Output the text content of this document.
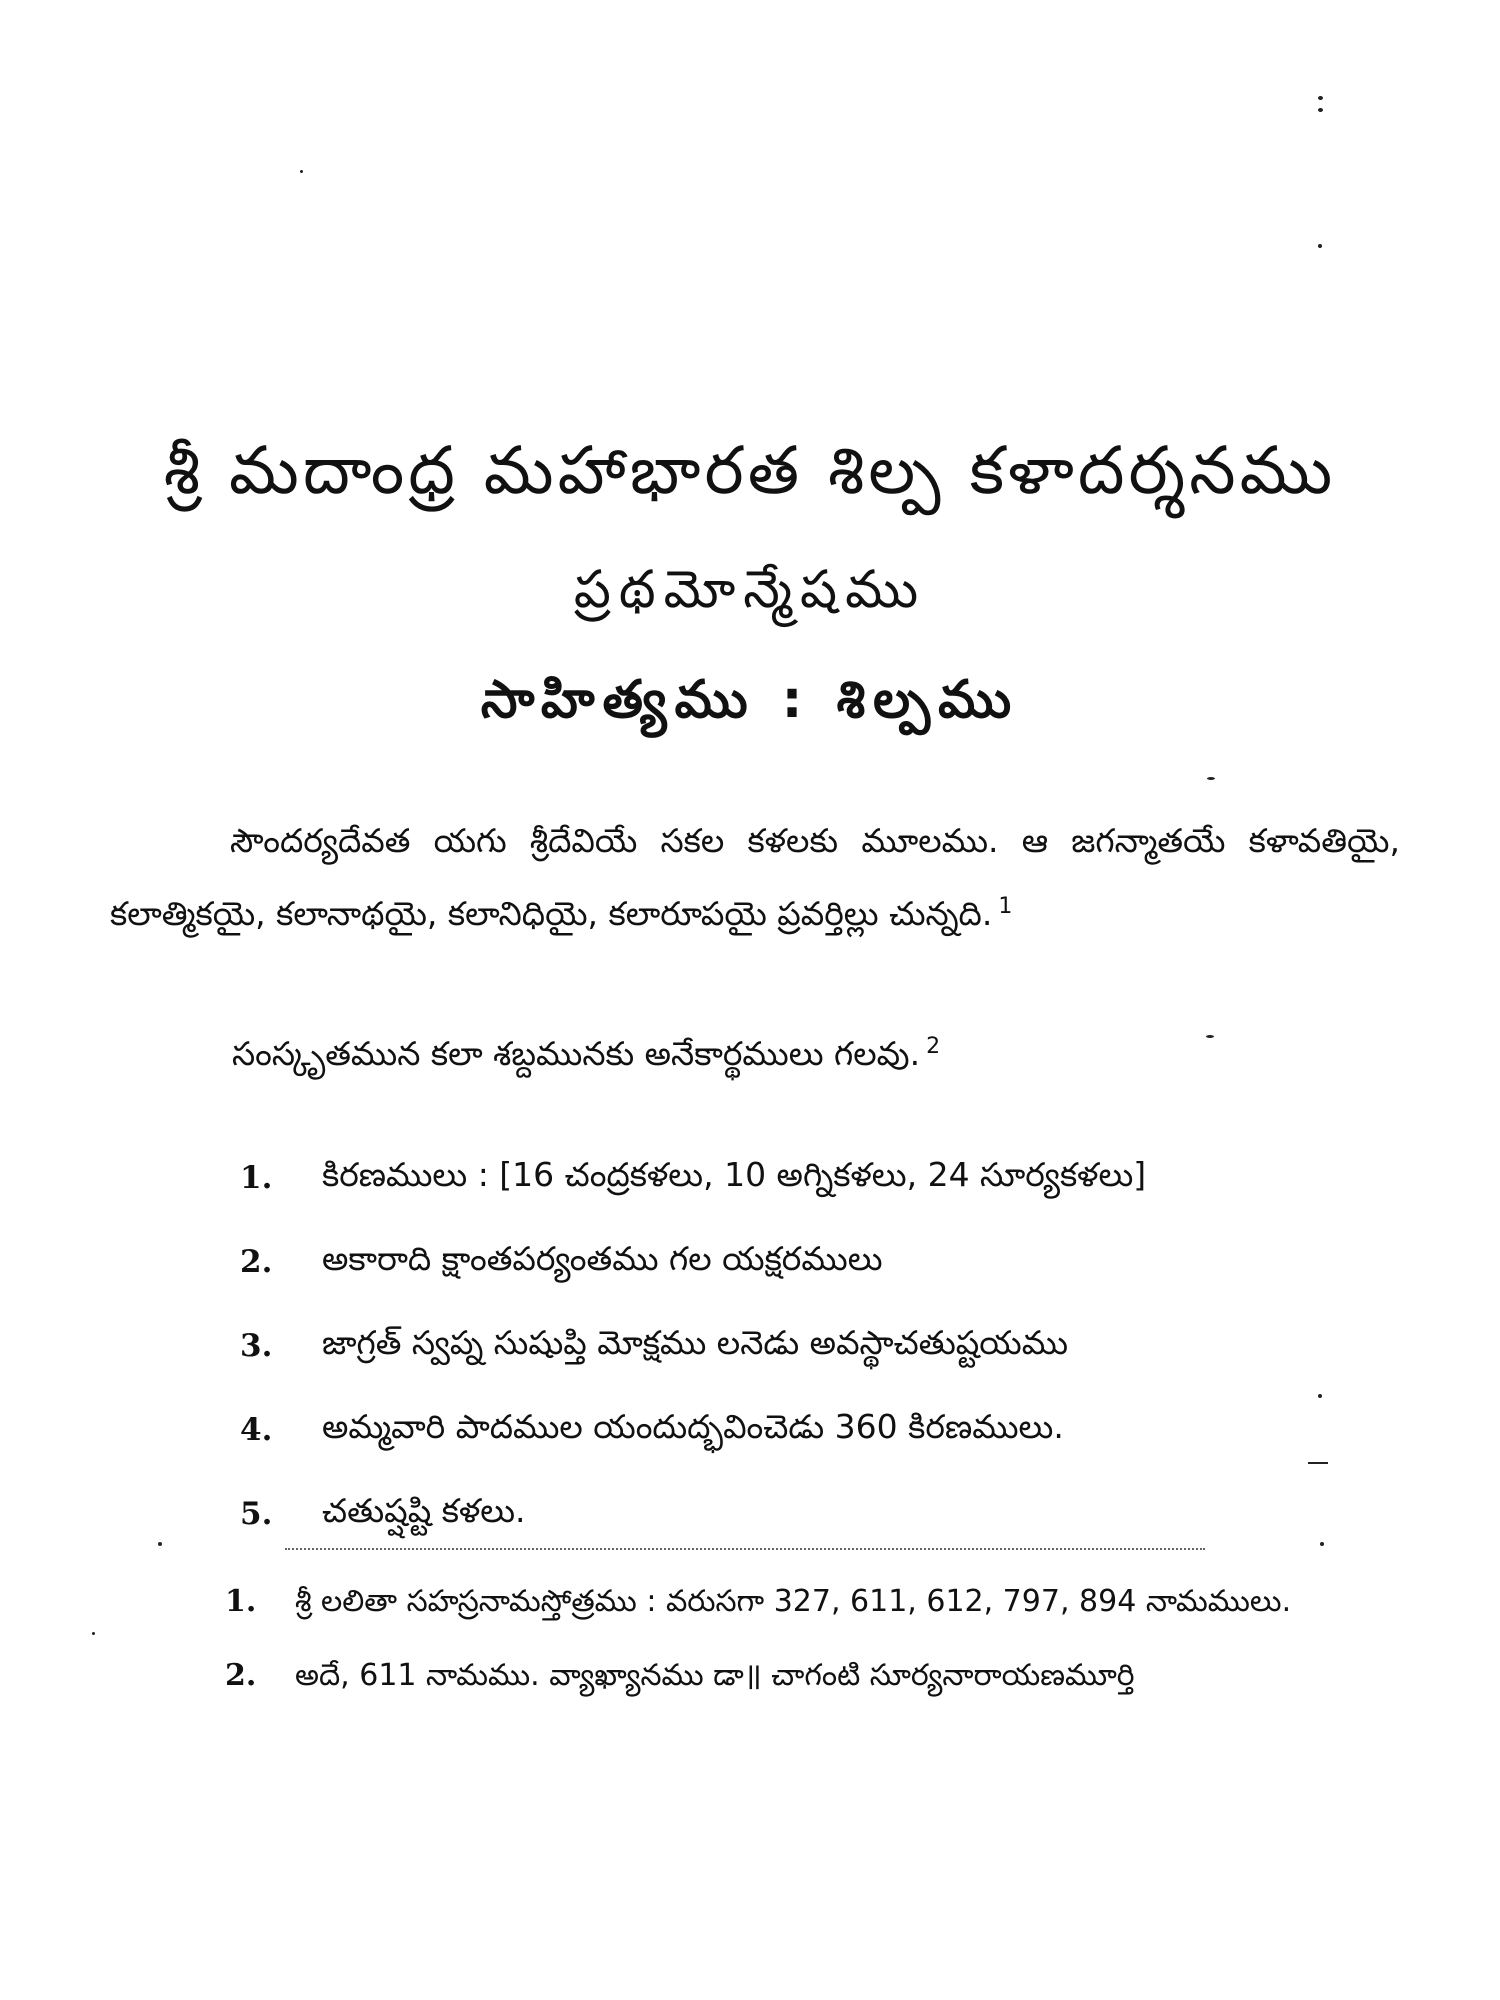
శ్రీ మదాంధ్ర మహాభారత శిల్ప కళాదర్శనము
ప్రథమోన్మేషము
సాహిత్యము : శిల్పము
సౌందర్యదేవత యగు శ్రీదేవియే సకల కళలకు మూలము. ఆ జగన్మాతయే కళావతియై, కలాత్మికయై, కలానాథయై, కలానిధియై, కలారూపయై ప్రవర్తిల్లు చున్నది. $^1$
సంస్కృతమున కలా శబ్దమునకు అనేకార్థములు గలవు. $^2$
1.	కిరణములు : [16 చంద్రకళలు, 10 అగ్నికళలు, 24 సూర్యకళలు]
2.	అకారాది క్షాంతపర్యంతము గల యక్షరములు
3.	జాగ్రత్ స్వప్న సుషుప్తి మోక్షము లనెడు అవస్థాచతుష్టయము
4.	అమ్మవారి పాదముల యందుద్భవించెడు 360 కిరణములు.
5.	చతుష్షష్టి కళలు.
1.	శ్రీ లలితా సహస్రనామస్తోత్రము : వరుసగా 327, 611, 612, 797, 894 నామములు.
2.	అదే, 611 నామము. వ్యాఖ్యానము డా॥ చాగంటి సూర్యనారాయణమూర్తి
